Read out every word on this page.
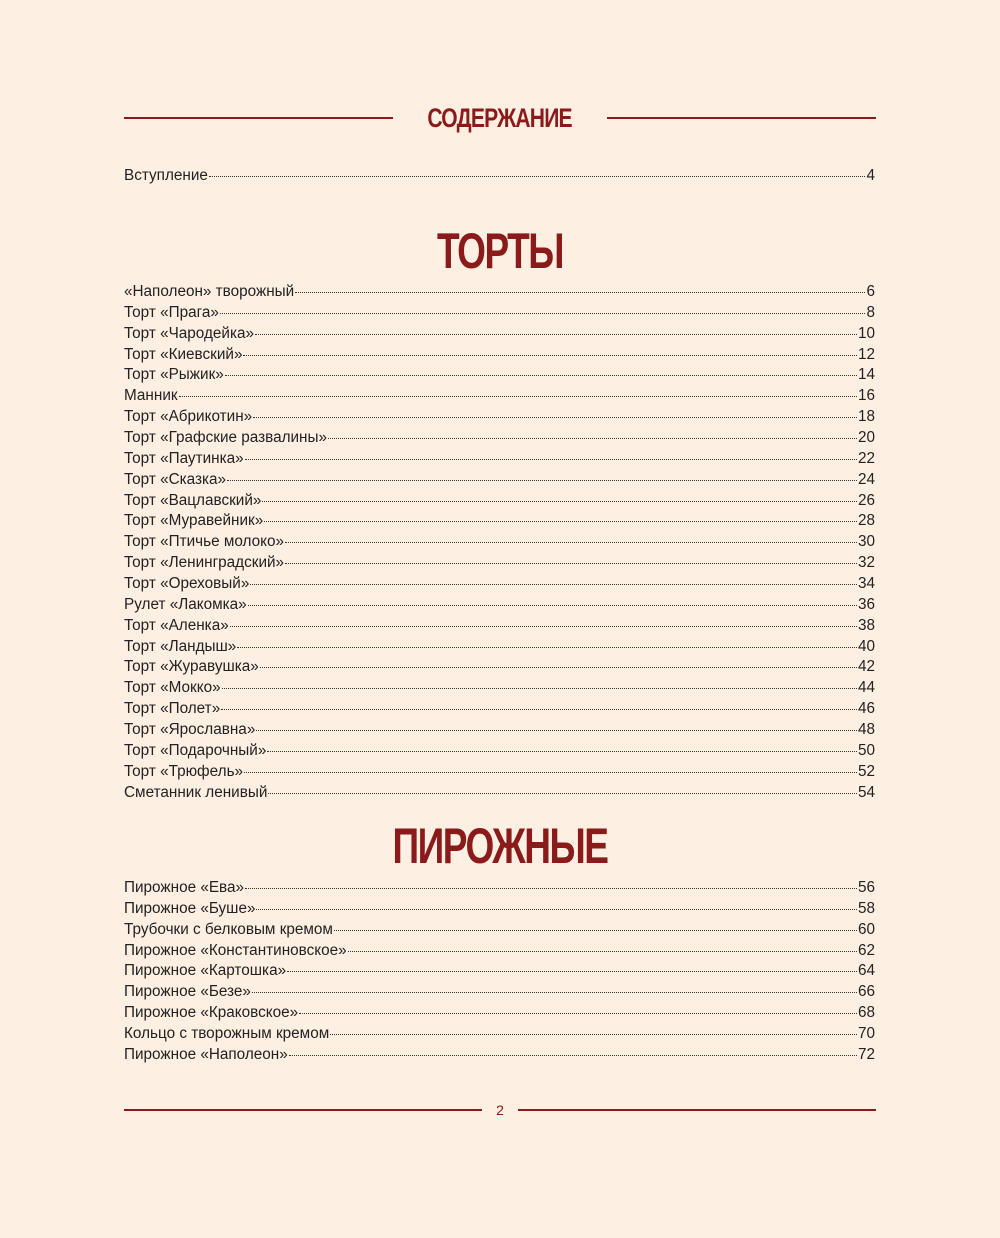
СОДЕРЖАНИЕ
Вступление	4
ТОРТЫ
«Наполеон» творожный	6
Торт «Прага»	8
Торт «Чародейка»	10
Торт «Киевский»	12
Торт «Рыжик»	14
Манник	16
Торт «Абрикотин»	18
Торт «Графские развалины»	20
Торт «Паутинка»	22
Торт «Сказка»	24
Торт «Вацлавский»	26
Торт «Муравейник»	28
Торт «Птичье молоко»	30
Торт «Ленинградский»	32
Торт «Ореховый»	34
Рулет «Лакомка»	36
Торт «Аленка»	38
Торт «Ландыш»	40
Торт «Журавушка»	42
Торт «Мокко»	44
Торт «Полет»	46
Торт «Ярославна»	48
Торт «Подарочный»	50
Торт «Трюфель»	52
Сметанник ленивый	54
ПИРОЖНЫЕ
Пирожное «Ева»	56
Пирожное «Буше»	58
Трубочки с белковым кремом	60
Пирожное «Константиновское»	62
Пирожное «Картошка»	64
Пирожное «Безе»	66
Пирожное «Краковское»	68
Кольцо с творожным кремом	70
Пирожное «Наполеон»	72
2
